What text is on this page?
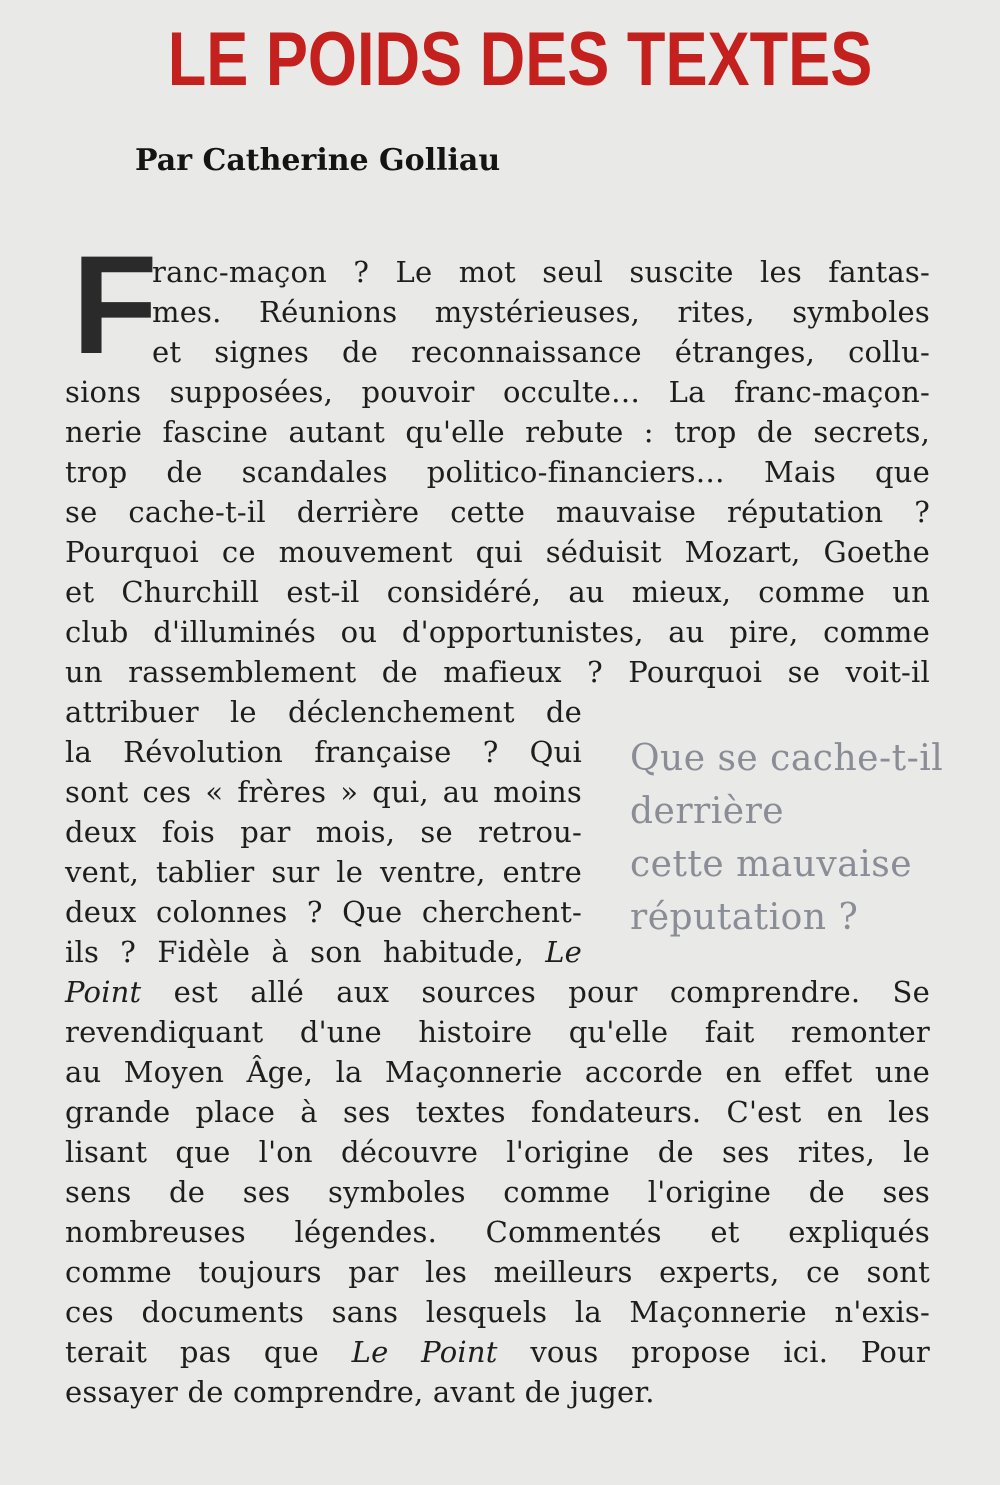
LE POIDS DES TEXTES

Par Catherine Golliau

F
ranc-maçon ? Le mot seul suscite les fantas-
mes. Réunions mystérieuses, rites, symboles
et signes de reconnaissance étranges, collu-
sions supposées, pouvoir occulte… La franc-maçon-
nerie fascine autant qu'elle rebute : trop de secrets,
trop de scandales politico-financiers… Mais que
se cache-t-il derrière cette mauvaise réputation ?
Pourquoi ce mouvement qui séduisit Mozart, Goethe
et Churchill est-il considéré, au mieux, comme un
club d'illuminés ou d'opportunistes, au pire, comme
un rassemblement de mafieux ? Pourquoi se voit-il
attribuer le déclenchement de
la Révolution française ? Qui
sont ces « frères » qui, au moins
deux fois par mois, se retrou-
vent, tablier sur le ventre, entre
deux colonnes ? Que cherchent-
ils ? Fidèle à son habitude, Le
Point est allé aux sources pour comprendre. Se
revendiquant d'une histoire qu'elle fait remonter
au Moyen Âge, la Maçonnerie accorde en effet une
grande place à ses textes fondateurs. C'est en les
lisant que l'on découvre l'origine de ses rites, le
sens de ses symboles comme l'origine de ses
nombreuses légendes. Commentés et expliqués
comme toujours par les meilleurs experts, ce sont
ces documents sans lesquels la Maçonnerie n'exis-
terait pas que Le Point vous propose ici. Pour
essayer de comprendre, avant de juger.
Que se cache-t-il
derrière
cette mauvaise
réputation ?
